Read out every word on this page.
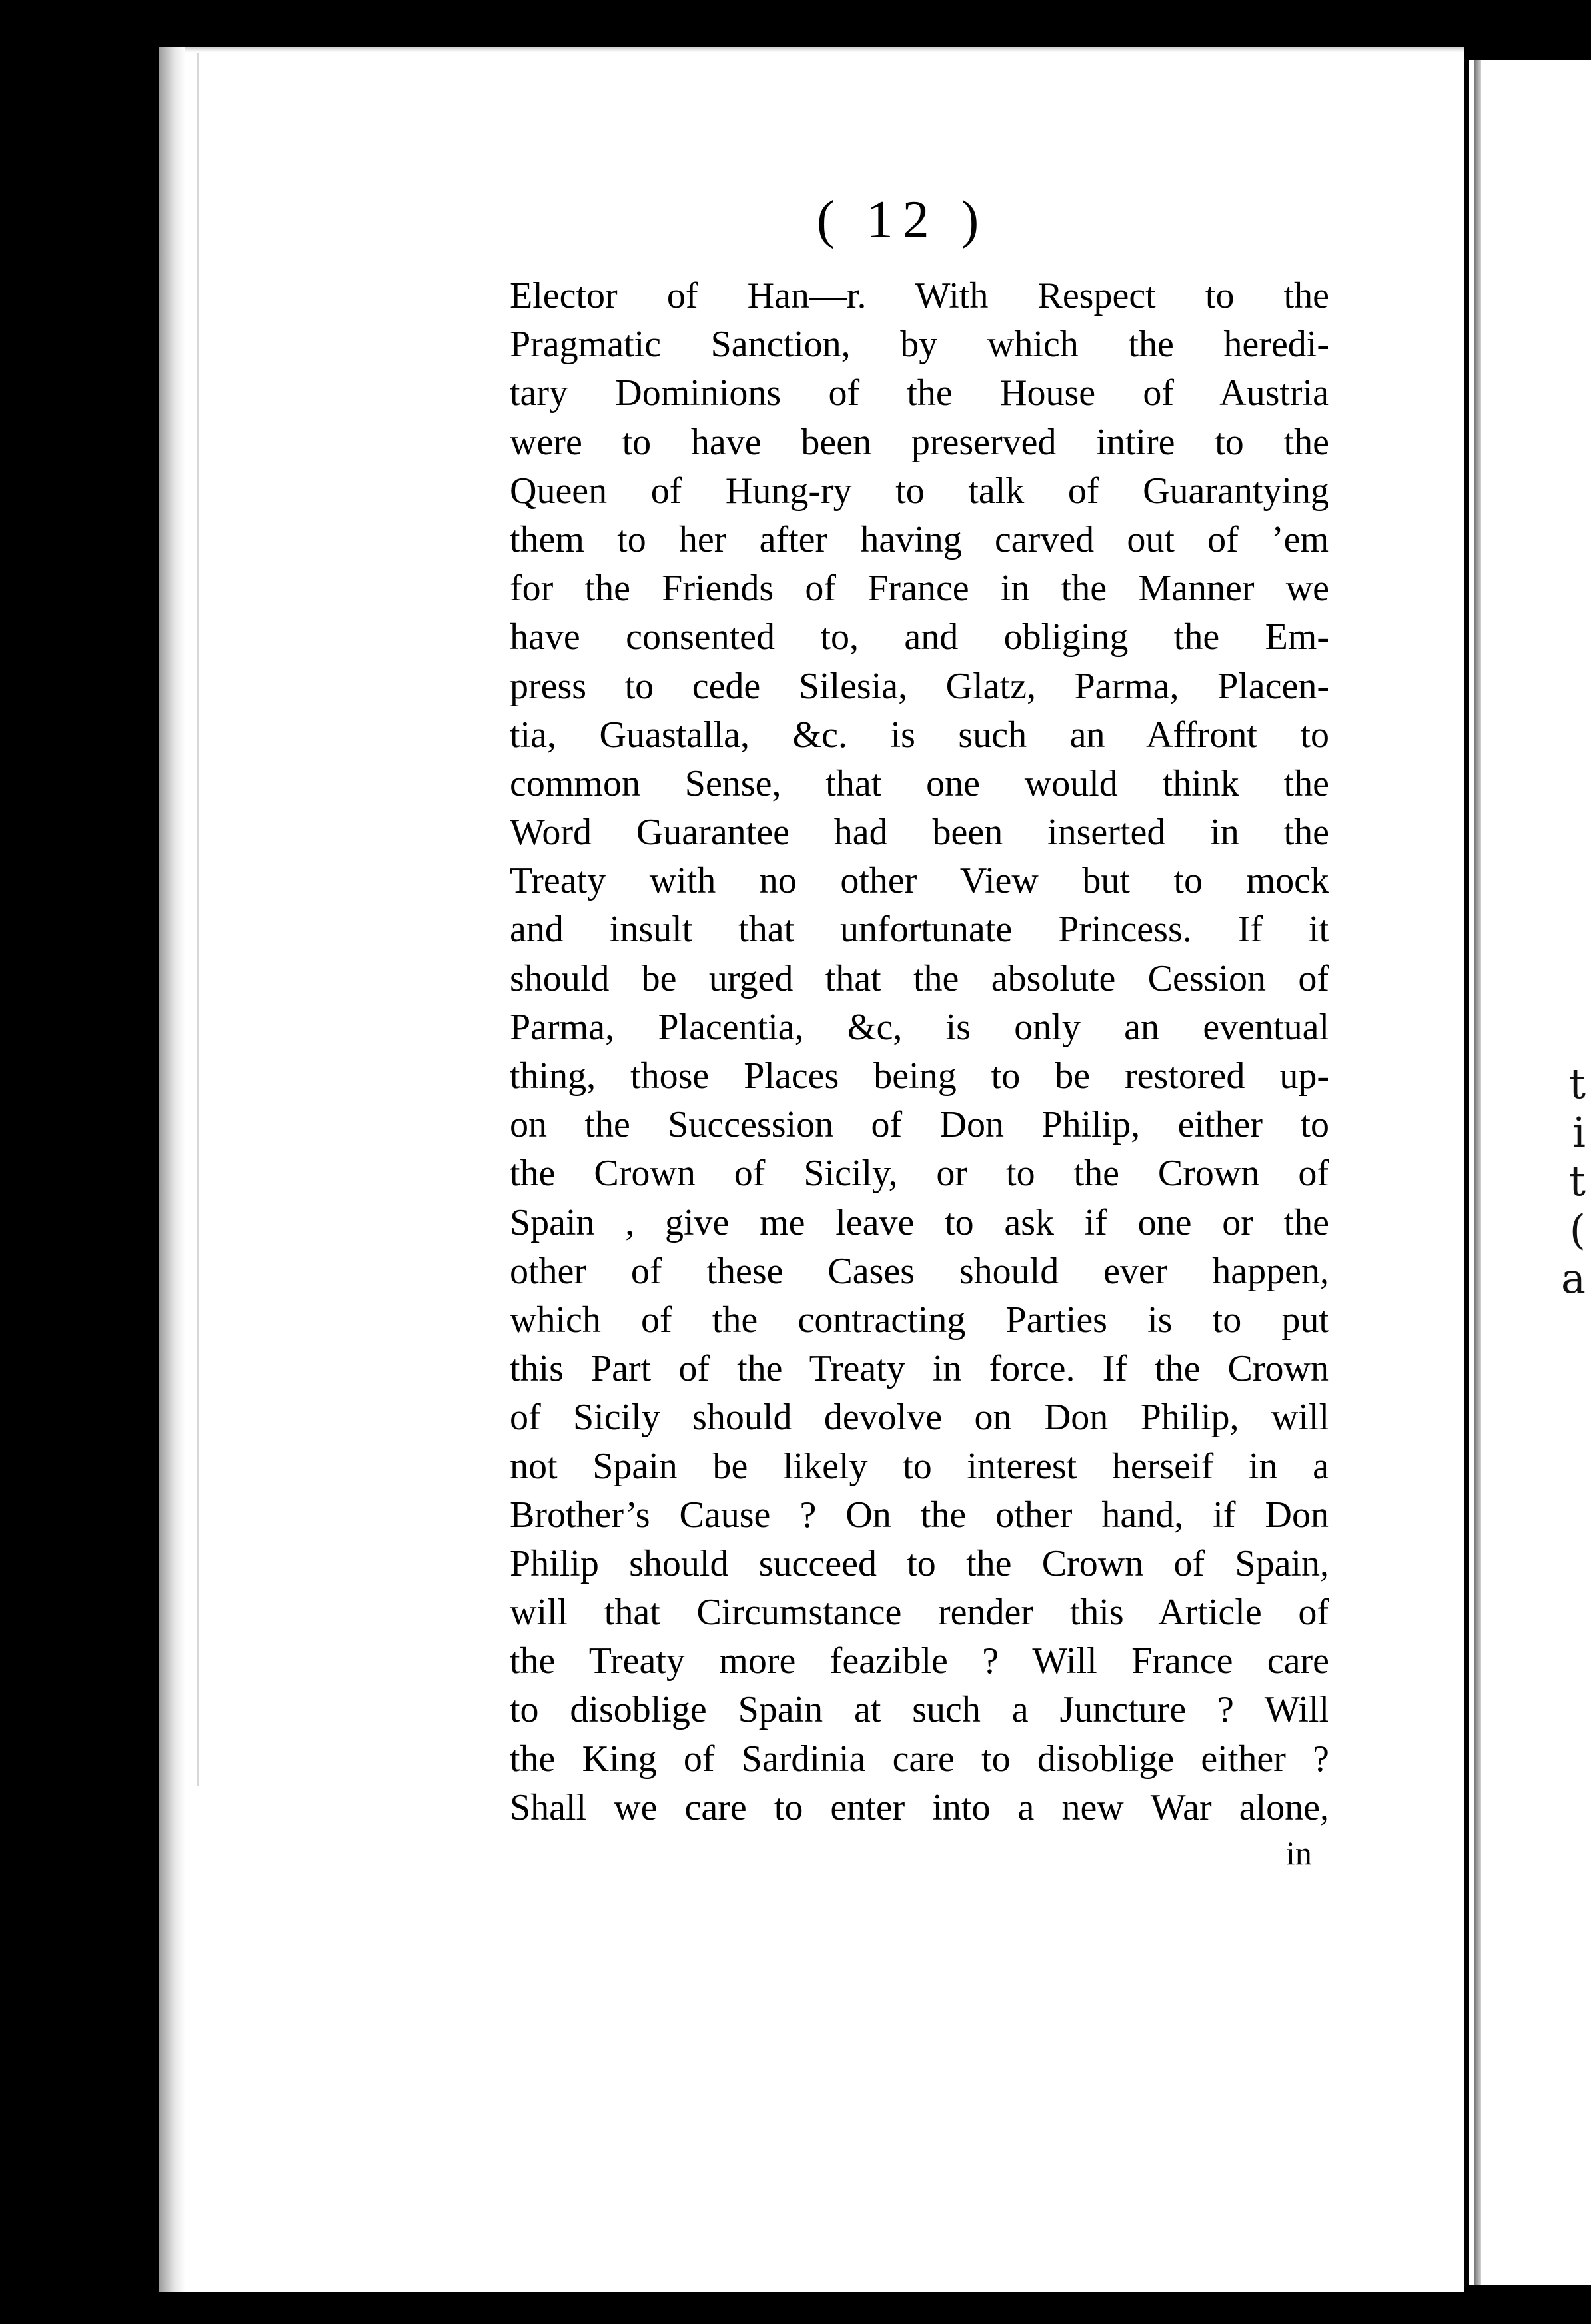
t
i
t
(
a
( 12 )
Elector of Han—r. With Respect to the
Pragmatic Sanction, by which the heredi-
tary Dominions of the House of Austria
were to have been preserved intire to the
Queen of Hung-ry to talk of Guarantying
them to her after having carved out of ’em
for the Friends of France in the Manner we
have consented to, and obliging the Em-
press to cede Silesia, Glatz, Parma, Placen-
tia, Guastalla, &c. is such an Affront to
common Sense, that one would think the
Word Guarantee had been inserted in the
Treaty with no other View but to mock
and insult that unfortunate Princess. If it
should be urged that the absolute Cession of
Parma, Placentia, &c, is only an eventual
thing, those Places being to be restored up-
on the Succession of Don Philip, either to
the Crown of Sicily, or to the Crown of
Spain , give me leave to ask if one or the
other of these Cases should ever happen,
which of the contracting Parties is to put
this Part of the Treaty in force. If the Crown
of Sicily should devolve on Don Philip, will
not Spain be likely to interest herseif in a
Brother’s Cause ? On the other hand, if Don
Philip should succeed to the Crown of Spain,
will that Circumstance render this Article of
the Treaty more feazible ? Will France care
to disoblige Spain at such a Juncture ? Will
the King of Sardinia care to disoblige either ?
Shall we care to enter into a new War alone,
in
